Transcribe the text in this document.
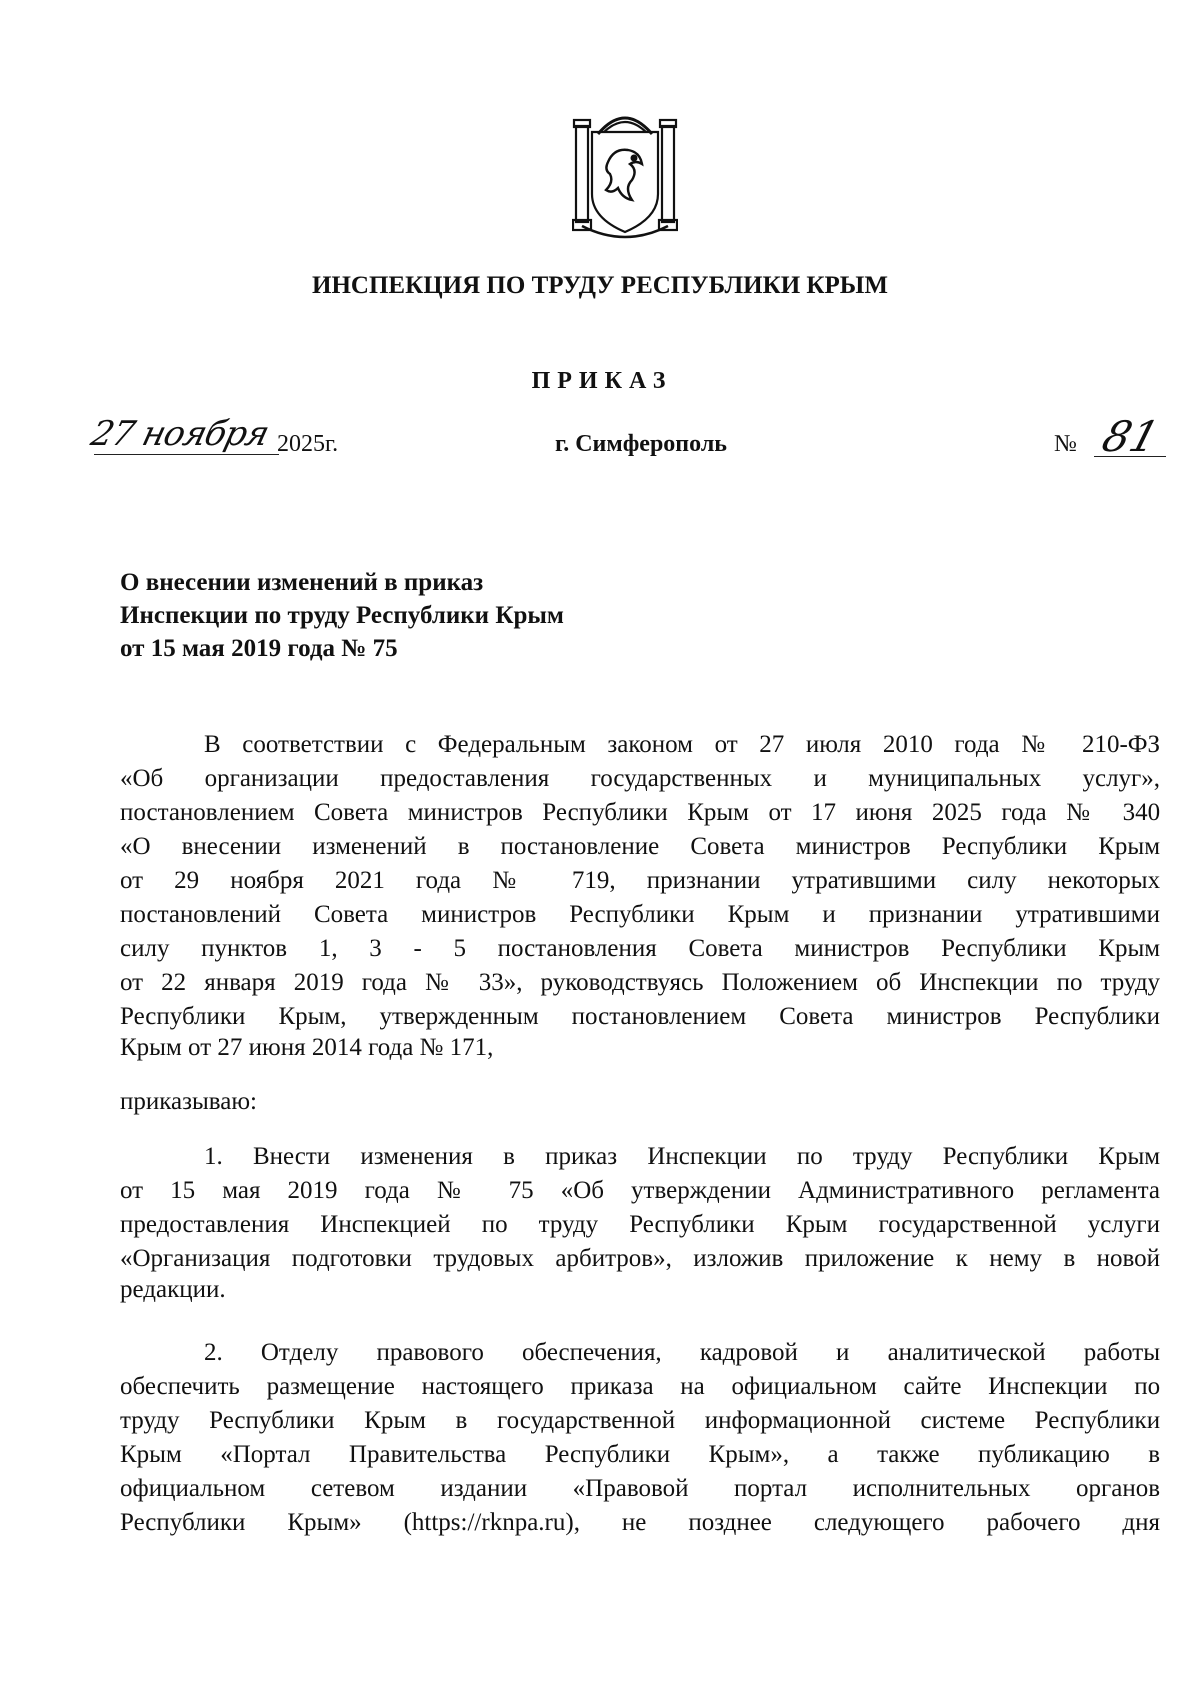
ИНСПЕКЦИЯ ПО ТРУДУ РЕСПУБЛИКИ КРЫМ
ПРИКАЗ
27 ноября 2025г.	г. Симферополь	№ 81
О внесении изменений в приказ
Инспекции по труду Республики Крым
от 15 мая 2019 года № 75
В соответствии с Федеральным законом от 27 июля 2010 года № 210-ФЗ
«Об организации предоставления государственных и муниципальных услуг»,
постановлением Совета министров Республики Крым от 17 июня 2025 года № 340
«О внесении изменений в постановление Совета министров Республики Крым
от 29 ноября 2021 года № 719, признании утратившими силу некоторых
постановлений Совета министров Республики Крым и признании утратившими
силу пунктов 1, 3 - 5 постановления Совета министров Республики Крым
от 22 января 2019 года № 33», руководствуясь Положением об Инспекции по труду
Республики Крым, утвержденным постановлением Совета министров Республики
Крым от 27 июня 2014 года № 171,
приказываю:
1. Внести изменения в приказ Инспекции по труду Республики Крым
от 15 мая 2019 года № 75 «Об утверждении Административного регламента
предоставления Инспекцией по труду Республики Крым государственной услуги
«Организация подготовки трудовых арбитров», изложив приложение к нему в новой
редакции.
2. Отделу правового обеспечения, кадровой и аналитической работы
обеспечить размещение настоящего приказа на официальном сайте Инспекции по
труду Республики Крым в государственной информационной системе Республики
Крым «Портал Правительства Республики Крым», а также публикацию в
официальном сетевом издании «Правовой портал исполнительных органов
Республики Крым» (https://rknpa.ru), не позднее следующего рабочего дня
